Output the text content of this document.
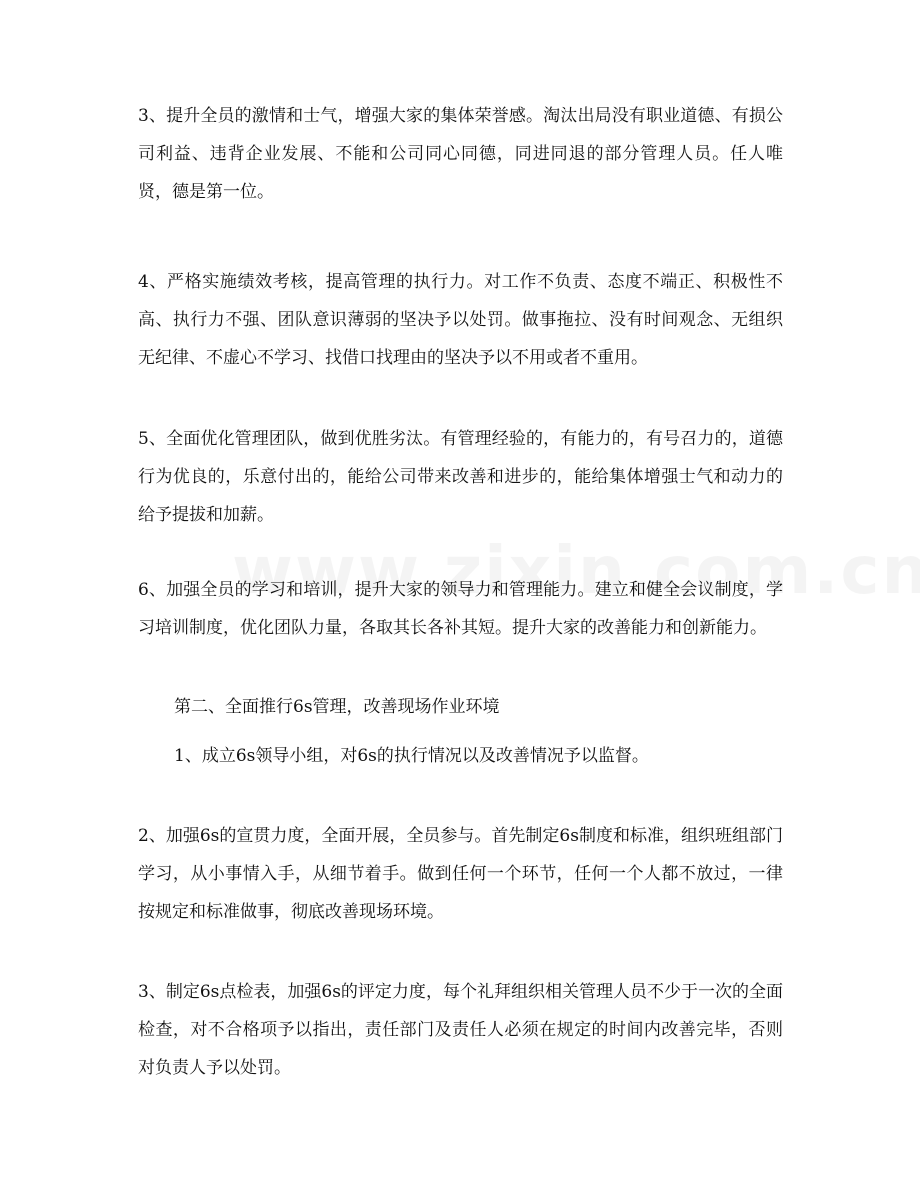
3、提升全员的激情和士气，增强大家的集体荣誉感。淘汰出局没有职业道德、有损公司利益、违背企业发展、不能和公司同心同德，同进同退的部分管理人员。任人唯贤，德是第一位。

4、严格实施绩效考核，提高管理的执行力。对工作不负责、态度不端正、积极性不高、执行力不强、团队意识薄弱的坚决予以处罚。做事拖拉、没有时间观念、无组织无纪律、不虚心不学习、找借口找理由的坚决予以不用或者不重用。

5、全面优化管理团队，做到优胜劣汰。有管理经验的，有能力的，有号召力的，道德行为优良的，乐意付出的，能给公司带来改善和进步的，能给集体增强士气和动力的给予提拔和加薪。

6、加强全员的学习和培训，提升大家的领导力和管理能力。建立和健全会议制度，学习培训制度，优化团队力量，各取其长各补其短。提升大家的改善能力和创新能力。

第二、全面推行6s管理，改善现场作业环境

1、成立6s领导小组，对6s的执行情况以及改善情况予以监督。

2、加强6s的宣贯力度，全面开展，全员参与。首先制定6s制度和标准，组织班组部门学习，从小事情入手，从细节着手。做到任何一个环节，任何一个人都不放过，一律按规定和标准做事，彻底改善现场环境。

3、制定6s点检表，加强6s的评定力度，每个礼拜组织相关管理人员不少于一次的全面检查，对不合格项予以指出，责任部门及责任人必须在规定的时间内改善完毕，否则对负责人予以处罚。
